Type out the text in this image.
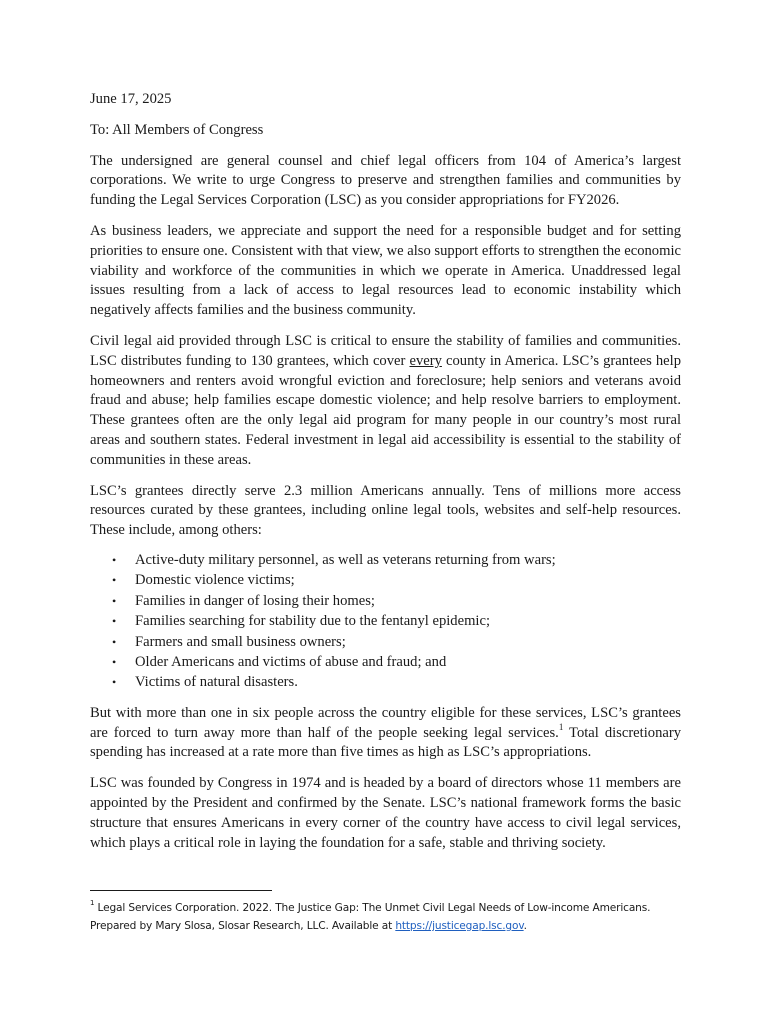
June 17, 2025

To: All Members of Congress

The undersigned are general counsel and chief legal officers from 104 of America’s largest corporations. We write to urge Congress to preserve and strengthen families and communities by funding the Legal Services Corporation (LSC) as you consider appropriations for FY2026.

As business leaders, we appreciate and support the need for a responsible budget and for setting priorities to ensure one. Consistent with that view, we also support efforts to strengthen the economic viability and workforce of the communities in which we operate in America. Unaddressed legal issues resulting from a lack of access to legal resources lead to economic instability which negatively affects families and the business community.

Civil legal aid provided through LSC is critical to ensure the stability of families and communities. LSC distributes funding to 130 grantees, which cover every county in America. LSC’s grantees help homeowners and renters avoid wrongful eviction and foreclosure; help seniors and veterans avoid fraud and abuse; help families escape domestic violence; and help resolve barriers to employment. These grantees often are the only legal aid program for many people in our country’s most rural areas and southern states. Federal investment in legal aid accessibility is essential to the stability of communities in these areas.

LSC’s grantees directly serve 2.3 million Americans annually. Tens of millions more access resources curated by these grantees, including online legal tools, websites and self-help resources. These include, among others:

• Active-duty military personnel, as well as veterans returning from wars;
• Domestic violence victims;
• Families in danger of losing their homes;
• Families searching for stability due to the fentanyl epidemic;
• Farmers and small business owners;
• Older Americans and victims of abuse and fraud; and
• Victims of natural disasters.

But with more than one in six people across the country eligible for these services, LSC’s grantees are forced to turn away more than half of the people seeking legal services.$^1$ Total discretionary spending has increased at a rate more than five times as high as LSC’s appropriations.

LSC was founded by Congress in 1974 and is headed by a board of directors whose 11 members are appointed by the President and confirmed by the Senate. LSC’s national framework forms the basic structure that ensures Americans in every corner of the country have access to civil legal services, which plays a critical role in laying the foundation for a safe, stable and thriving society.

$^1$ Legal Services Corporation. 2022. The Justice Gap: The Unmet Civil Legal Needs of Low-income Americans.
Prepared by Mary Slosa, Slosar Research, LLC. Available at https://justicegap.lsc.gov.
